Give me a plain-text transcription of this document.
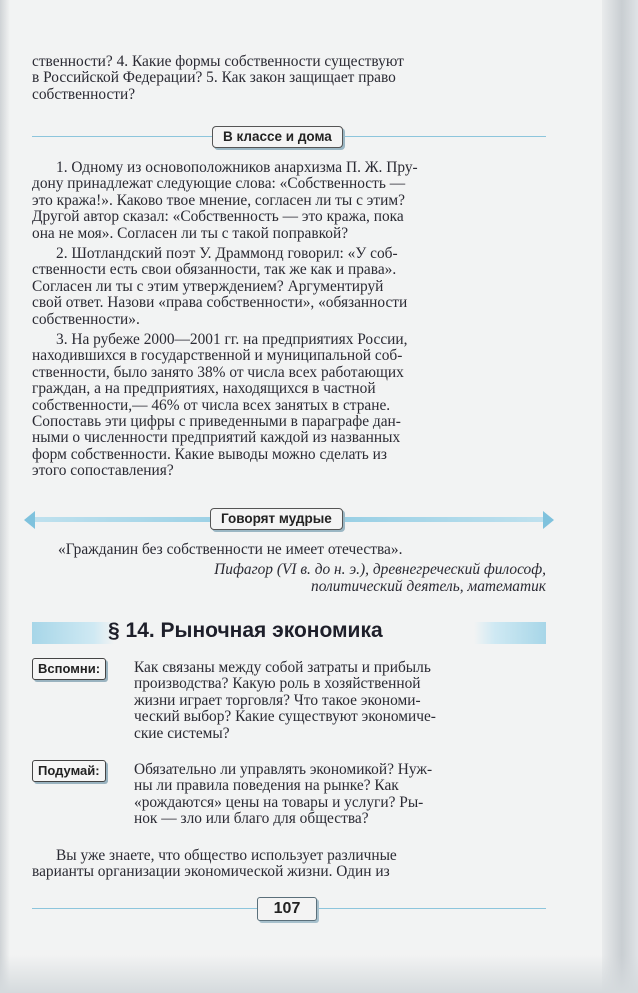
ственности? 4. Какие формы собственности существуют

в Российской Федерации? 5. Как закон защищает право

собственности?

В классе и дома

1. Одному из основоположников анархизма П. Ж. Пру-

дону принадлежат следующие слова: «Собственность —

это кража!». Каково твое мнение, согласен ли ты с этим?

Другой автор сказал: «Собственность — это кража, пока

она не моя». Согласен ли ты с такой поправкой?

2. Шотландский поэт У. Драммонд говорил: «У соб-

ственности есть свои обязанности, так же как и права».

Согласен ли ты с этим утверждением? Аргументируй

свой ответ. Назови «права собственности», «обязанности

собственности».

3. На рубеже 2000—2001 гг. на предприятиях России,

находившихся в государственной и муниципальной соб-

ственности, было занято 38% от числа всех работающих

граждан, а на предприятиях, находящихся в частной

собственности,— 46% от числа всех занятых в стране.

Сопоставь эти цифры с приведенными в параграфе дан-

ными о численности предприятий каждой из названных

форм собственности. Какие выводы можно сделать из

этого сопоставления?

Говорят мудрые
«Гражданин без собственности не имеет отечества».
Пифагор (VI в. до н. э.), древнегреческий философ,
политический деятель, математик
§ 14. Рыночная экономика
Вспомни:	Как связаны между собой затраты и прибыль

производства? Какую роль в хозяйственной

жизни играет торговля? Что такое экономи-

ческий выбор? Какие существуют экономиче-

ские системы?

Подумай:	Обязательно ли управлять экономикой? Нуж-

ны ли правила поведения на рынке? Как

«рождаются» цены на товары и услуги? Ры-

нок — зло или благо для общества?

Вы уже знаете, что общество использует различные

варианты организации экономической жизни. Один из

107
